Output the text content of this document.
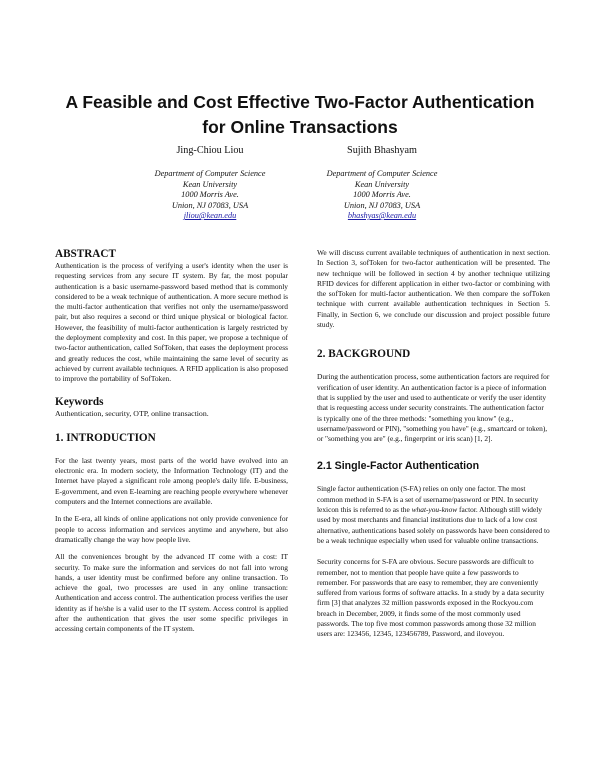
A Feasible and Cost Effective Two-Factor Authentication
for Online Transactions
Jing-Chiou Liou
Department of Computer Science
Kean University
1000 Morris Ave.
Union, NJ 07083, USA
jliou@kean.edu
Sujith Bhashyam
Department of Computer Science
Kean University
1000 Morris Ave.
Union, NJ 07083, USA
bhashyas@kean.edu
ABSTRACT

Authentication is the process of verifying a user's identity when the user is requesting services from any secure IT system. By far, the most popular authentication is a basic username-password based method that is commonly considered to be a weak technique of authentication. A more secure method is the multi-factor authentication that verifies not only the username/password pair, but also requires a second or third unique physical or biological factor. However, the feasibility of multi-factor authentication is largely restricted by the deployment complexity and cost. In this paper, we propose a technique of two-factor authentication, called SofToken, that eases the deployment process and greatly reduces the cost, while maintaining the same level of security as achieved by current available techniques. A RFID application is also proposed to improve the portability of SofToken.

Keywords

Authentication, security, OTP, online transaction.

1. INTRODUCTION

For the last twenty years, most parts of the world have evolved into an electronic era. In modern society, the Information Technology (IT) and the Internet have played a significant role among people's daily life. E-business, E-government, and even E-learning are reaching people everywhere whenever computers and the Internet connections are available.

In the E-era, all kinds of online applications not only provide convenience for people to access information and services anytime and anywhere, but also dramatically change the way how people live.

All the conveniences brought by the advanced IT come with a cost: IT security. To make sure the information and services do not fall into wrong hands, a user identity must be confirmed before any online transaction. To achieve the goal, two processes are used in any online transaction: Authentication and access control. The authentication process verifies the user identity as if he/she is a valid user to the IT system. Access control is applied after the authentication that gives the user some specific privileges in accessing certain components of the IT system.

We will discuss current available techniques of authentication in next section. In Section 3, sofToken for two-factor authentication will be presented. The new technique will be followed in section 4 by another technique utilizing RFID devices for different application in either two-factor or combining with the sofToken for multi-factor authentication. We then compare the sofToken technique with current available authentication techniques in Section 5. Finally, in Section 6, we conclude our discussion and project possible future study.

2. BACKGROUND

During the authentication process, some authentication factors are required for verification of user identity. An authentication factor is a piece of information that is supplied by the user and used to authenticate or verify the user identity that is requesting access under security constraints. The authentication factor is typically one of the three methods: "something you know" (e.g., username/password or PIN), "something you have" (e.g., smartcard or token), or "something you are" (e.g., fingerprint or iris scan) [1, 2].

2.1 Single-Factor Authentication

Single factor authentication (S-FA) relies on only one factor. The most common method in S-FA is a set of username/password or PIN. In security lexicon this is referred to as the what-you-know factor. Although still widely used by most merchants and financial institutions due to lack of a low cost alternative, authentications based solely on passwords have been considered to be a weak technique especially when used for valuable online transactions.

Security concerns for S-FA are obvious. Secure passwords are difficult to remember, not to mention that people have quite a few passwords to remember. For passwords that are easy to remember, they are conveniently suffered from various forms of software attacks. In a study by a data security firm [3] that analyzes 32 million passwords exposed in the Rockyou.com breach in December, 2009, it finds some of the most commonly used passwords. The top five most common passwords among those 32 million users are: 123456, 12345, 123456789, Password, and iloveyou.
